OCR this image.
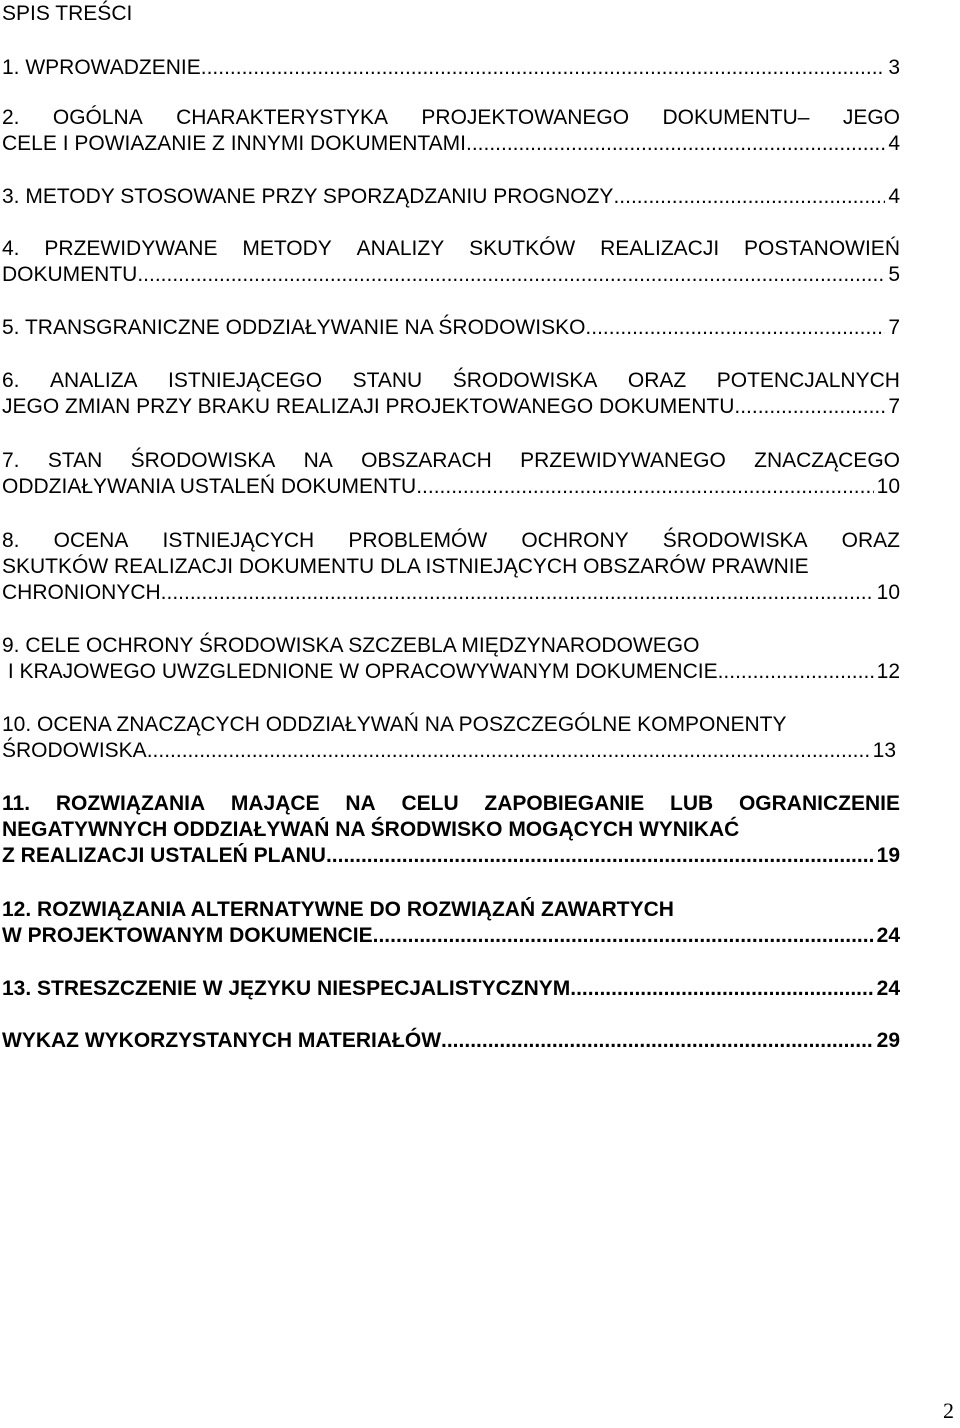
SPIS TREŚCI
1. WPROWADZENIE .....	3
2. OGÓLNA CHARAKTERYSTYKA PROJEKTOWANEGO DOKUMENTU– JEGO
CELE I POWIAZANIE Z INNYMI DOKUMENTAMI .....	4
3. METODY STOSOWANE PRZY SPORZĄDZANIU PROGNOZY .....	4
4. PRZEWIDYWANE METODY ANALIZY SKUTKÓW REALIZACJI POSTANOWIEŃ
DOKUMENTU .....	5
5. TRANSGRANICZNE ODDZIAŁYWANIE NA ŚRODOWISKO .....	7
6. ANALIZA ISTNIEJĄCEGO STANU ŚRODOWISKA ORAZ POTENCJALNYCH
JEGO ZMIAN PRZY BRAKU REALIZAJI PROJEKTOWANEGO DOKUMENTU .....	7
7. STAN ŚRODOWISKA NA OBSZARACH PRZEWIDYWANEGO ZNACZĄCEGO
ODDZIAŁYWANIA USTALEŃ DOKUMENTU .....	10
8. OCENA ISTNIEJĄCYCH PROBLEMÓW OCHRONY ŚRODOWISKA ORAZ
SKUTKÓW REALIZACJI DOKUMENTU DLA ISTNIEJĄCYCH OBSZARÓW PRAWNIE
CHRONIONYCH .....	10
9. CELE OCHRONY ŚRODOWISKA SZCZEBLA MIĘDZYNARODOWEGO
I KRAJOWEGO UWZGLEDNIONE W OPRACOWYWANYM DOKUMENCIE .....	12
10. OCENA ZNACZĄCYCH ODDZIAŁYWAŃ NA POSZCZEGÓLNE KOMPONENTY
ŚRODOWISKA .....	13
11. ROZWIĄZANIA MAJĄCE NA CELU ZAPOBIEGANIE LUB OGRANICZENIE
NEGATYWNYCH ODDZIAŁYWAŃ NA ŚRODWISKO MOGĄCYCH WYNIKAĆ
Z REALIZACJI USTALEŃ PLANU .....	19
12. ROZWIĄZANIA ALTERNATYWNE DO ROZWIĄZAŃ ZAWARTYCH
W PROJEKTOWANYM DOKUMENCIE .....	24
13. STRESZCZENIE W JĘZYKU NIESPECJALISTYCZNYM .....	24
WYKAZ WYKORZYSTANYCH MATERIAŁÓW .....	29
2
